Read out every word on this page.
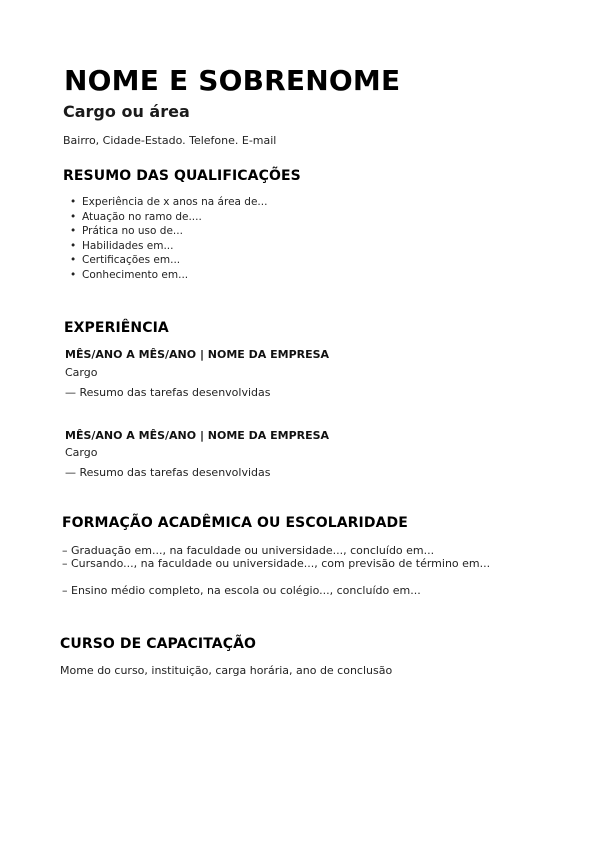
NOME E SOBRENOME
Cargo ou área
Bairro, Cidade-Estado. Telefone. E-mail
RESUMO DAS QUALIFICAÇÕES
• Experiência de x anos na área de...
• Atuação no ramo de....
• Prática no uso de...
• Habilidades em...
• Certificações em...
• Conhecimento em...
EXPERIÊNCIA
MÊS/ANO A MÊS/ANO | NOME DA EMPRESA
Cargo
— Resumo das tarefas desenvolvidas
MÊS/ANO A MÊS/ANO | NOME DA EMPRESA
Cargo
— Resumo das tarefas desenvolvidas
FORMAÇÃO ACADÊMICA OU ESCOLARIDADE
– Graduação em..., na faculdade ou universidade..., concluído em...
– Cursando..., na faculdade ou universidade..., com previsão de término em...
– Ensino médio completo, na escola ou colégio..., concluído em...
CURSO DE CAPACITAÇÃO
Mome do curso, instituição, carga horária, ano de conclusão
